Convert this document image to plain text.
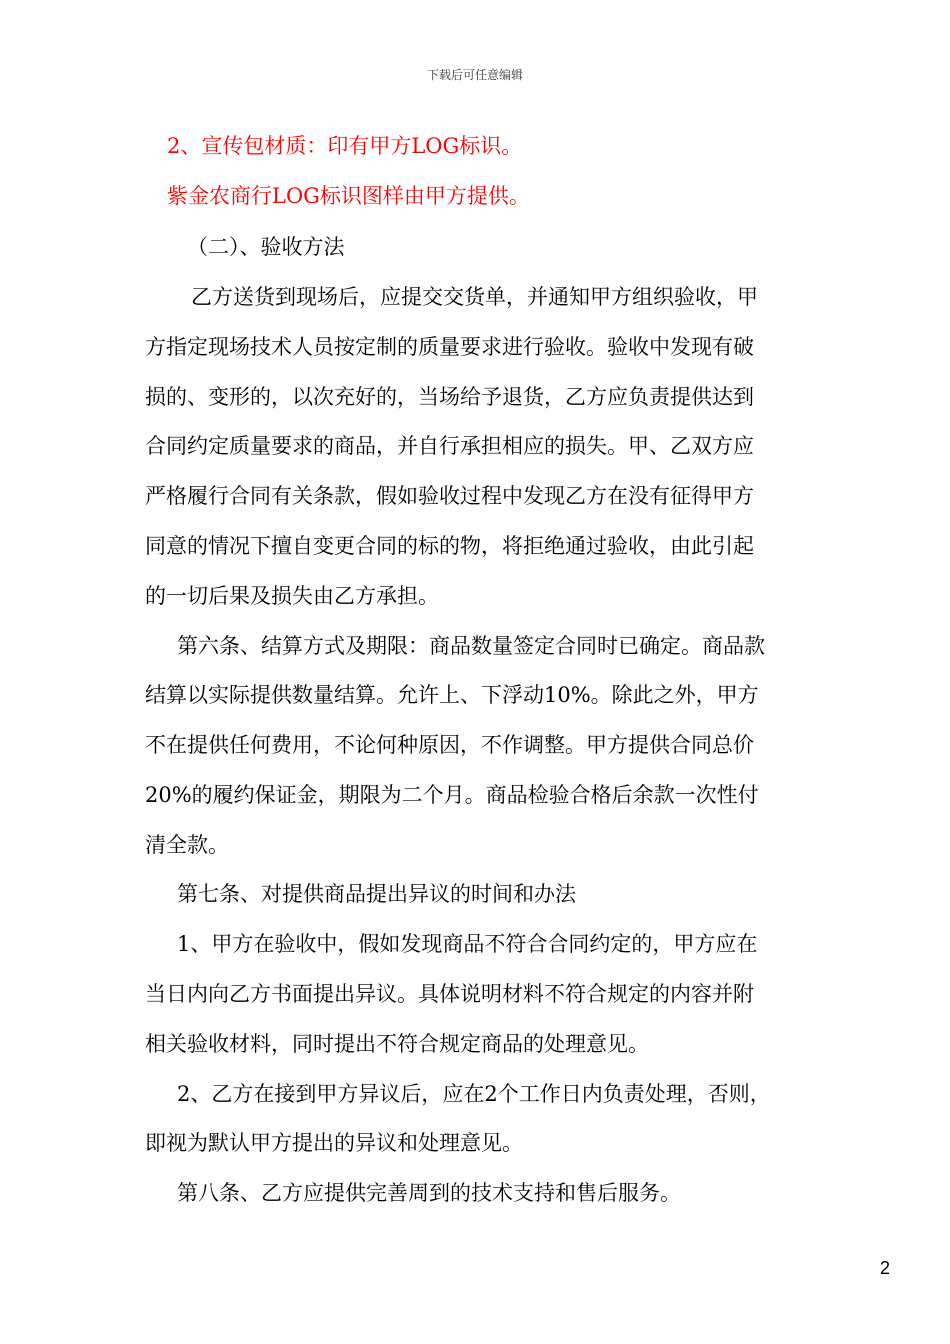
下载后可任意编辑
2、宣传包材质：印有甲方LOG标识。
紫金农商行LOG标识图样由甲方提供。
（二）、验收方法
乙方送货到现场后，应提交交货单，并通知甲方组织验收，甲
方指定现场技术人员按定制的质量要求进行验收。验收中发现有破
损的、变形的，以次充好的，当场给予退货，乙方应负责提供达到
合同约定质量要求的商品，并自行承担相应的损失。甲、乙双方应
严格履行合同有关条款，假如验收过程中发现乙方在没有征得甲方
同意的情况下擅自变更合同的标的物，将拒绝通过验收，由此引起
的一切后果及损失由乙方承担。
第六条、结算方式及期限：商品数量签定合同时已确定。商品款
结算以实际提供数量结算。允许上、下浮动10%。除此之外，甲方
不在提供任何费用，不论何种原因，不作调整。甲方提供合同总价
20%的履约保证金，期限为二个月。商品检验合格后余款一次性付
清全款。
第七条、对提供商品提出异议的时间和办法
1、甲方在验收中，假如发现商品不符合合同约定的，甲方应在
当日内向乙方书面提出异议。具体说明材料不符合规定的内容并附
相关验收材料，同时提出不符合规定商品的处理意见。
2、乙方在接到甲方异议后，应在2个工作日内负责处理，否则，
即视为默认甲方提出的异议和处理意见。
第八条、乙方应提供完善周到的技术支持和售后服务。
2
